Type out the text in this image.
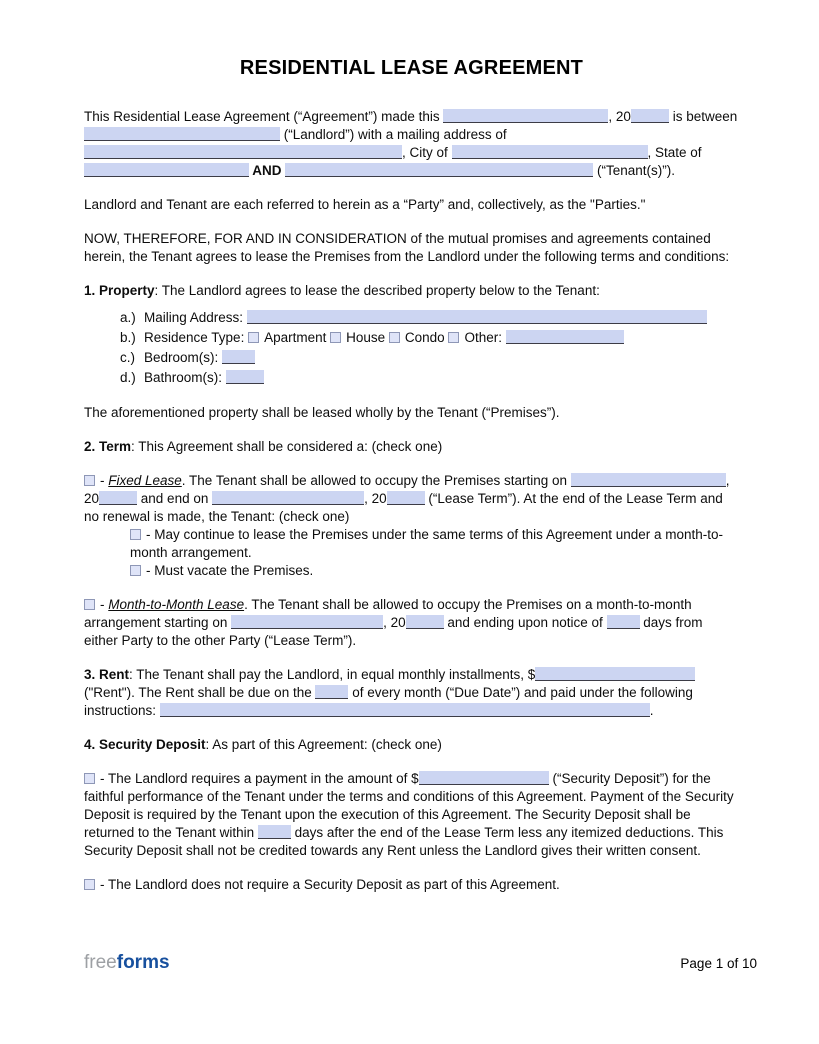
RESIDENTIAL LEASE AGREEMENT

This Residential Lease Agreement (“Agreement”) made this	, 20	is between  (“Landlord”) with a mailing address of , City of	, State of  AND	(“Tenant(s)”).

Landlord and Tenant are each referred to herein as a “Party” and, collectively, as the "Parties."

NOW, THEREFORE, FOR AND IN CONSIDERATION of the mutual promises and agreements contained herein, the Tenant agrees to lease the Premises from the Landlord under the following terms and conditions:

1. Property: The Landlord agrees to lease the described property below to the Tenant:

a.) Mailing Address:
b.) Residence Type: Apartment House Condo Other:
c.) Bedroom(s):
d.) Bathroom(s):

The aforementioned property shall be leased wholly by the Tenant (“Premises”).

2. Term: This Agreement shall be considered a: (check one)

- Fixed Lease. The Tenant shall be allowed to occupy the Premises starting on	, 20	and end on	, 20	(“Lease Term”). At the end of the Lease Term and no renewal is made, the Tenant: (check one)

- May continue to lease the Premises under the same terms of this Agreement under a month-to-month arrangement.

- Must vacate the Premises.

- Month-to-Month Lease. The Tenant shall be allowed to occupy the Premises on a month-to-month arrangement starting on	, 20	and ending upon notice of  days from either Party to the other Party (“Lease Term”).

3. Rent: The Tenant shall pay the Landlord, in equal monthly installments, $ ("Rent"). The Rent shall be due on the  of every month (“Due Date”) and paid under the following instructions:	.

4. Security Deposit: As part of this Agreement: (check one)

- The Landlord requires a payment in the amount of $	(“Security Deposit”) for the faithful performance of the Tenant under the terms and conditions of this Agreement. Payment of the Security Deposit is required by the Tenant upon the execution of this Agreement. The Security Deposit shall be returned to the Tenant within  days after the end of the Lease Term less any itemized deductions. This Security Deposit shall not be credited towards any Rent unless the Landlord gives their written consent.

- The Landlord does not require a Security Deposit as part of this Agreement.

freeforms	Page 1 of 10
